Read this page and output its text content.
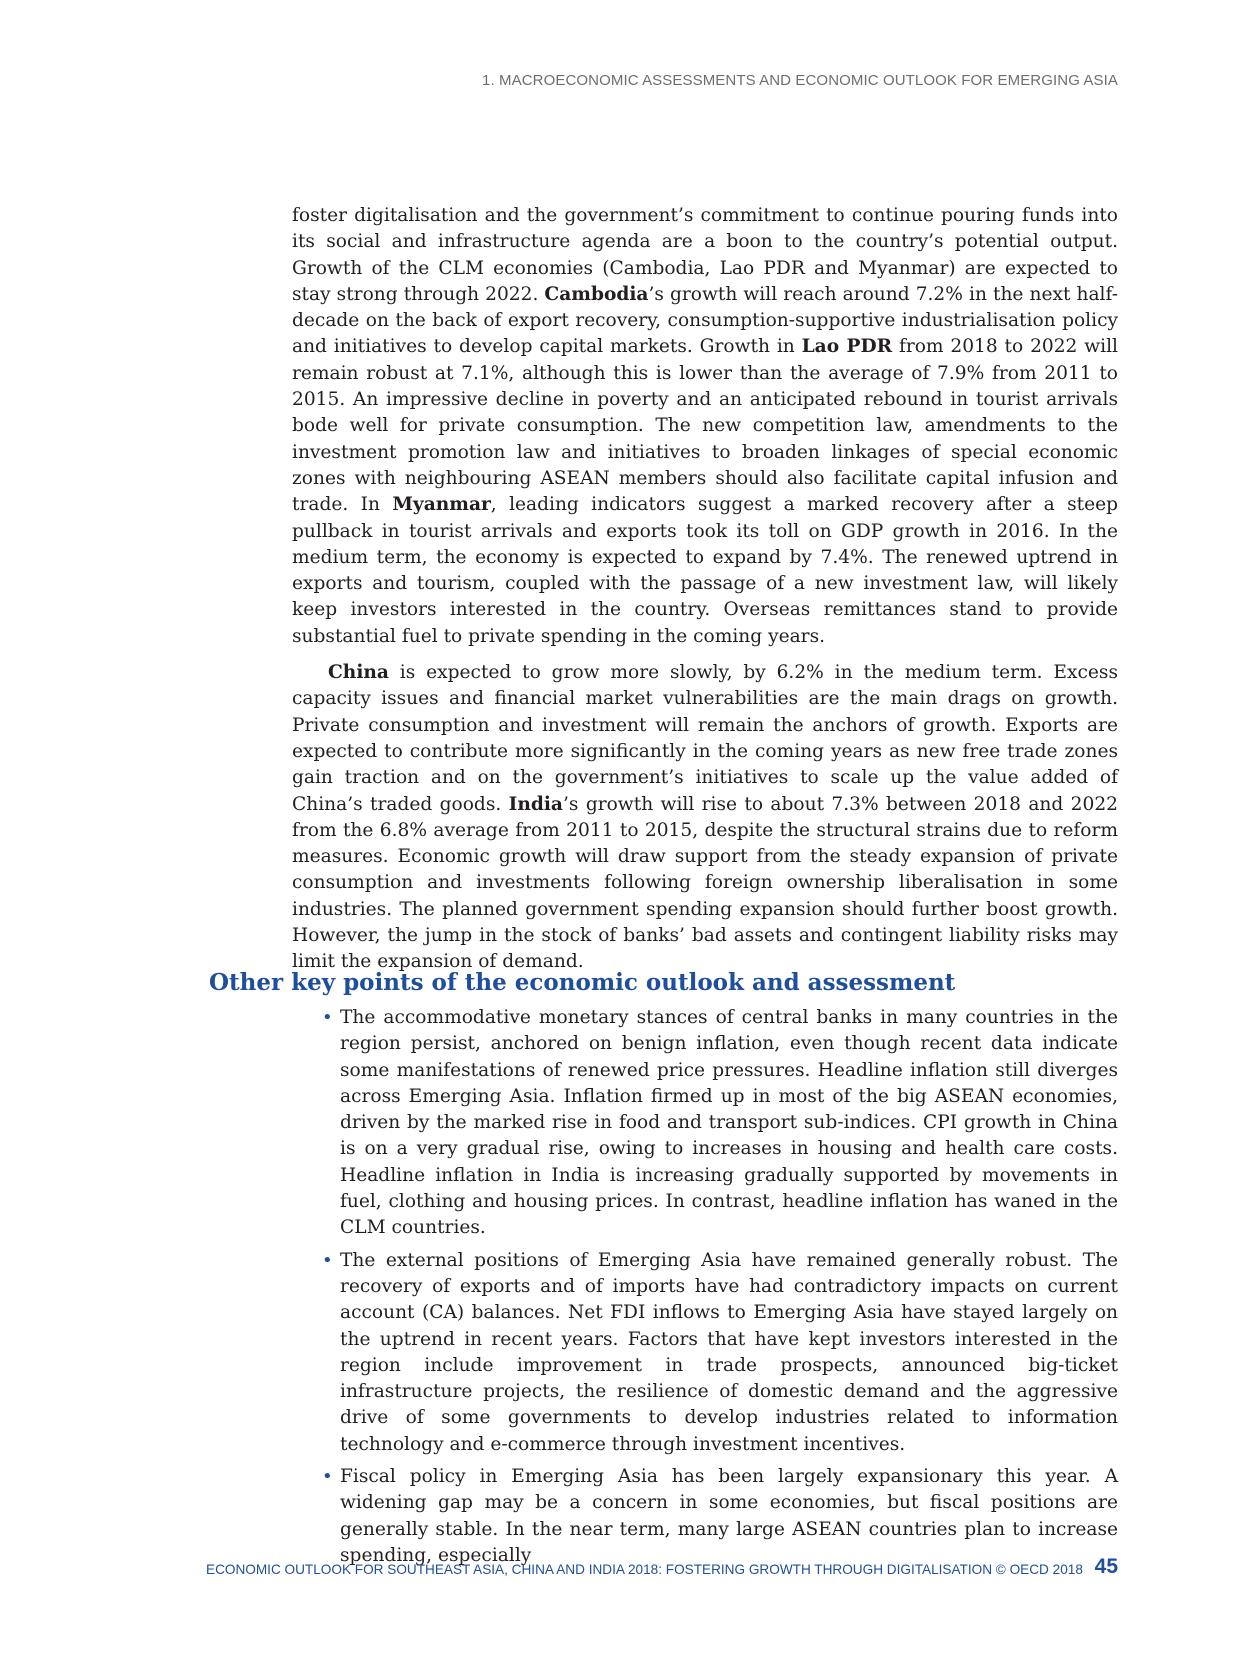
1. MACROECONOMIC ASSESSMENTS AND ECONOMIC OUTLOOK FOR EMERGING ASIA

foster digitalisation and the government’s commitment to continue pouring funds into its social and infrastructure agenda are a boon to the country’s potential output. Growth of the CLM economies (Cambodia, Lao PDR and Myanmar) are expected to stay strong through 2022. Cambodia’s growth will reach around 7.2% in the next half-decade on the back of export recovery, consumption-supportive industrialisation policy and initiatives to develop capital markets. Growth in Lao PDR from 2018 to 2022 will remain robust at 7.1%, although this is lower than the average of 7.9% from 2011 to 2015. An impressive decline in poverty and an anticipated rebound in tourist arrivals bode well for private consumption. The new competition law, amendments to the investment promotion law and initiatives to broaden linkages of special economic zones with neighbouring ASEAN members should also facilitate capital infusion and trade. In Myanmar, leading indicators suggest a marked recovery after a steep pullback in tourist arrivals and exports took its toll on GDP growth in 2016. In the medium term, the economy is expected to expand by 7.4%. The renewed uptrend in exports and tourism, coupled with the passage of a new investment law, will likely keep investors interested in the country. Overseas remittances stand to provide substantial fuel to private spending in the coming years.

China is expected to grow more slowly, by 6.2% in the medium term. Excess capacity issues and financial market vulnerabilities are the main drags on growth. Private consumption and investment will remain the anchors of growth. Exports are expected to contribute more significantly in the coming years as new free trade zones gain traction and on the government’s initiatives to scale up the value added of China’s traded goods. India’s growth will rise to about 7.3% between 2018 and 2022 from the 6.8% average from 2011 to 2015, despite the structural strains due to reform measures. Economic growth will draw support from the steady expansion of private consumption and investments following foreign ownership liberalisation in some industries. The planned government spending expansion should further boost growth. However, the jump in the stock of banks’ bad assets and contingent liability risks may limit the expansion of demand.

Other key points of the economic outlook and assessment
• The accommodative monetary stances of central banks in many countries in the region persist, anchored on benign inflation, even though recent data indicate some manifestations of renewed price pressures. Headline inflation still diverges across Emerging Asia. Inflation firmed up in most of the big ASEAN economies, driven by the marked rise in food and transport sub-indices. CPI growth in China is on a very gradual rise, owing to increases in housing and health care costs. Headline inflation in India is increasing gradually supported by movements in fuel, clothing and housing prices. In contrast, headline inflation has waned in the CLM countries.
• The external positions of Emerging Asia have remained generally robust. The recovery of exports and of imports have had contradictory impacts on current account (CA) balances. Net FDI inflows to Emerging Asia have stayed largely on the uptrend in recent years. Factors that have kept investors interested in the region include improvement in trade prospects, announced big-ticket infrastructure projects, the resilience of domestic demand and the aggressive drive of some governments to develop industries related to information technology and e-commerce through investment incentives.
• Fiscal policy in Emerging Asia has been largely expansionary this year. A widening gap may be a concern in some economies, but fiscal positions are generally stable. In the near term, many large ASEAN countries plan to increase spending, especially
ECONOMIC OUTLOOK FOR SOUTHEAST ASIA, CHINA AND INDIA 2018: FOSTERING GROWTH THROUGH DIGITALISATION © OECD 2018 45
